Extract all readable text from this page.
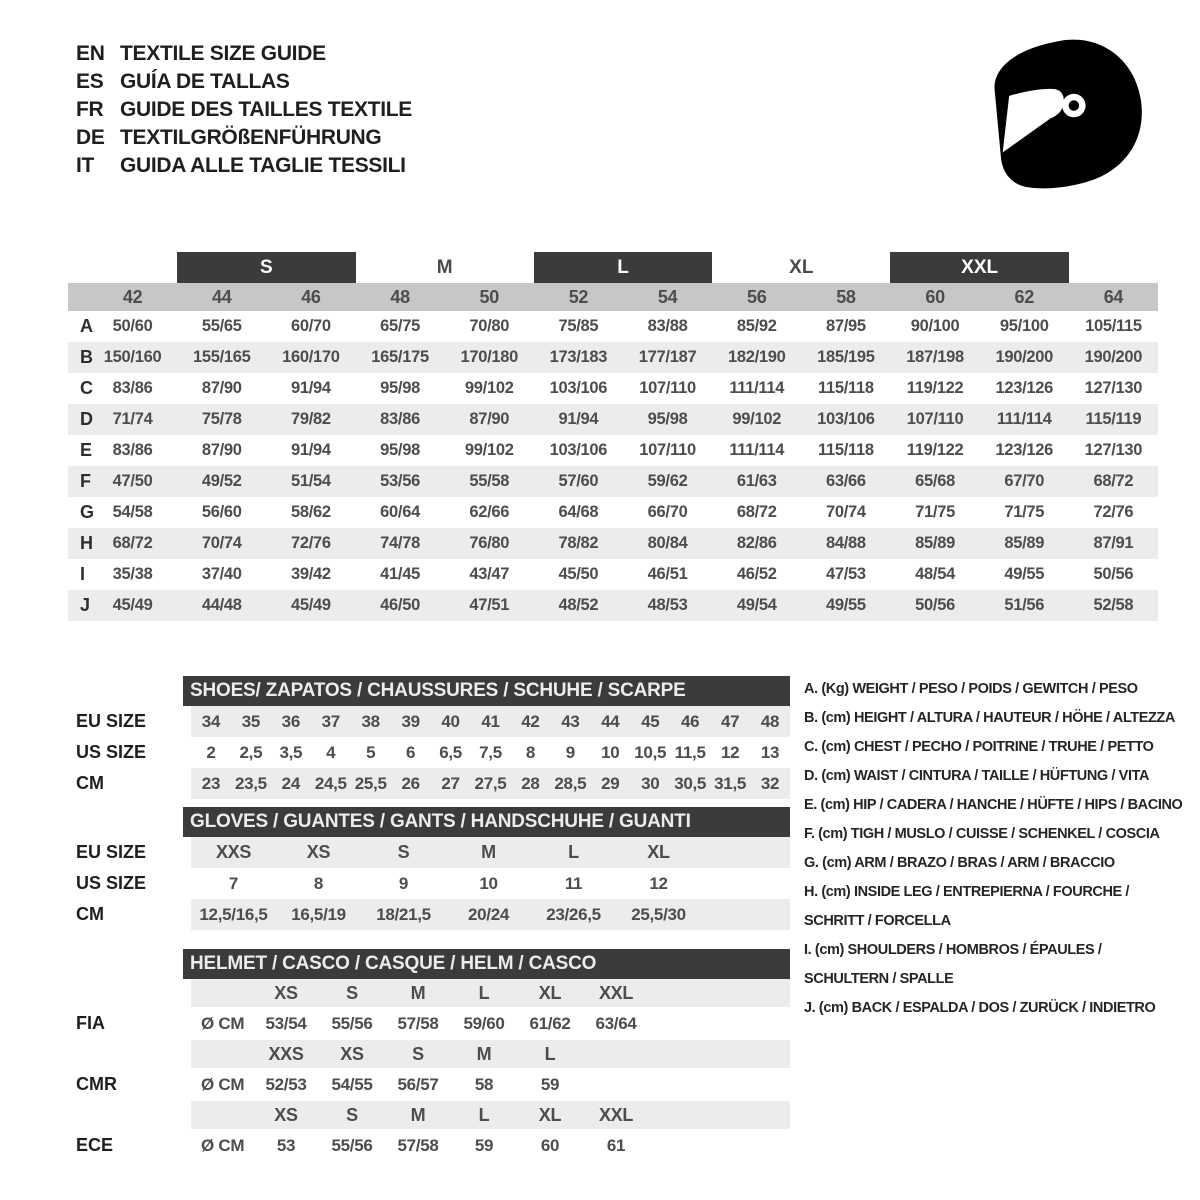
EN TEXTILE SIZE GUIDE
ES GUÍA DE TALLAS
FR GUIDE DES TAILLES TEXTILE
DE TEXTILGRÖßENFÜHRUNG
IT	GUIDA ALLE TAGLIE TESSILI
S	M	L	XL	XXL
42	44	46	48	50	52	54	56	58	60	62	64
A	50/60	55/65	60/70	65/75	70/80	75/85	83/88	85/92	87/95	90/100	95/100	105/115
B 150/160	155/165	160/170	165/175	170/180	173/183	177/187	182/190	185/195	187/198	190/200	190/200
C	83/86	87/90	91/94	95/98	99/102	103/106	107/110	111/114	115/118	119/122	123/126	127/130
D	71/74	75/78	79/82	83/86	87/90	91/94	95/98	99/102	103/106	107/110	111/114	115/119
E	83/86	87/90	91/94	95/98	99/102	103/106	107/110	111/114	115/118	119/122	123/126	127/130
F	47/50	49/52	51/54	53/56	55/58	57/60	59/62	61/63	63/66	65/68	67/70	68/72
G	54/58	56/60	58/62	60/64	62/66	64/68	66/70	68/72	70/74	71/75	71/75	72/76
H	68/72	70/74	72/76	74/78	76/80	78/82	80/84	82/86	84/88	85/89	85/89	87/91
I	35/38	37/40	39/42	41/45	43/47	45/50	46/51	46/52	47/53	48/54	49/55	50/56
J	45/49	44/48	45/49	46/50	47/51	48/52	48/53	49/54	49/55	50/56	51/56	52/58
SHOES/ ZAPATOS / CHAUSSURES / SCHUHE / SCARPE
EU SIZE	34	35	36	37	38	39	40	41	42	43	44	45	46	47	48
US SIZE	2	2,5	3,5	4	5	6	6,5	7,5	8	9	10 10,5 11,5 12	13
CM	23 23,5 24 24,5 25,5 26	27 27,5 28 28,5 29	30 30,5 31,5 32
GLOVES / GUANTES / GANTS / HANDSCHUHE / GUANTI
EU SIZE	XXS	XS	S	M	L	XL
US SIZE	7	8	9	10	11	12
CM	12,5/16,5	16,5/19	18/21,5	20/24	23/26,5	25,5/30
HELMET / CASCO / CASQUE / HELM / CASCO
XS	S	M	L	XL	XXL
FIA	Ø CM	53/54	55/56	57/58	59/60	61/62	63/64
XXS	XS	S	M	L
CMR	Ø CM	52/53	54/55	56/57	58	59
XS	S	M	L	XL	XXL
ECE	Ø CM	53	55/56	57/58	59	60	61
A. (Kg) WEIGHT / PESO / POIDS / GEWITCH / PESO
B. (cm) HEIGHT / ALTURA / HAUTEUR / HÖHE / ALTEZZA
C. (cm) CHEST / PECHO / POITRINE / TRUHE / PETTO
D. (cm) WAIST / CINTURA / TAILLE / HÜFTUNG / VITA
E. (cm) HIP / CADERA / HANCHE / HÜFTE / HIPS / BACINO
F. (cm) TIGH / MUSLO / CUISSE / SCHENKEL / COSCIA
G. (cm) ARM / BRAZO / BRAS / ARM / BRACCIO
H. (cm) INSIDE LEG / ENTREPIERNA / FOURCHE /
SCHRITT / FORCELLA
I. (cm) SHOULDERS / HOMBROS / ÉPAULES /
SCHULTERN / SPALLE
J. (cm) BACK / ESPALDA / DOS / ZURÜCK / INDIETRO
